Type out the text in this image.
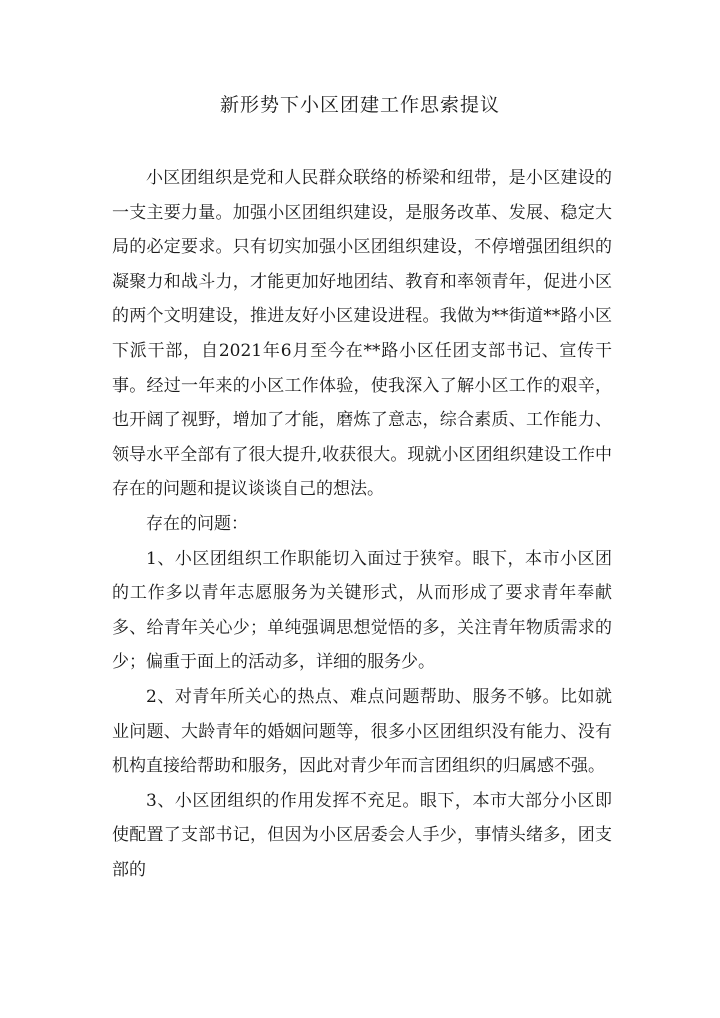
新形势下小区团建工作思索提议

小区团组织是党和人民群众联络的桥梁和纽带，是小区建设的一支主要力量。加强小区团组织建设，是服务改革、发展、稳定大局的必定要求。只有切实加强小区团组织建设，不停增强团组织的凝聚力和战斗力，才能更加好地团结、教育和率领青年，促进小区的两个文明建设，推进友好小区建设进程。我做为**街道**路小区下派干部，自2021年6月至今在**路小区任团支部书记、宣传干事。经过一年来的小区工作体验，使我深入了解小区工作的艰辛，也开阔了视野，增加了才能，磨炼了意志，综合素质、工作能力、领导水平全部有了很大提升,收获很大。现就小区团组织建设工作中存在的问题和提议谈谈自己的想法。

存在的问题：

1、小区团组织工作职能切入面过于狭窄。眼下，本市小区团的工作多以青年志愿服务为关键形式，从而形成了要求青年奉献多、给青年关心少；单纯强调思想觉悟的多，关注青年物质需求的少；偏重于面上的活动多，详细的服务少。

2、对青年所关心的热点、难点问题帮助、服务不够。比如就业问题、大龄青年的婚姻问题等，很多小区团组织没有能力、没有机构直接给帮助和服务，因此对青少年而言团组织的归属感不强。

3、小区团组织的作用发挥不充足。眼下，本市大部分小区即使配置了支部书记，但因为小区居委会人手少，事情头绪多，团支部的
